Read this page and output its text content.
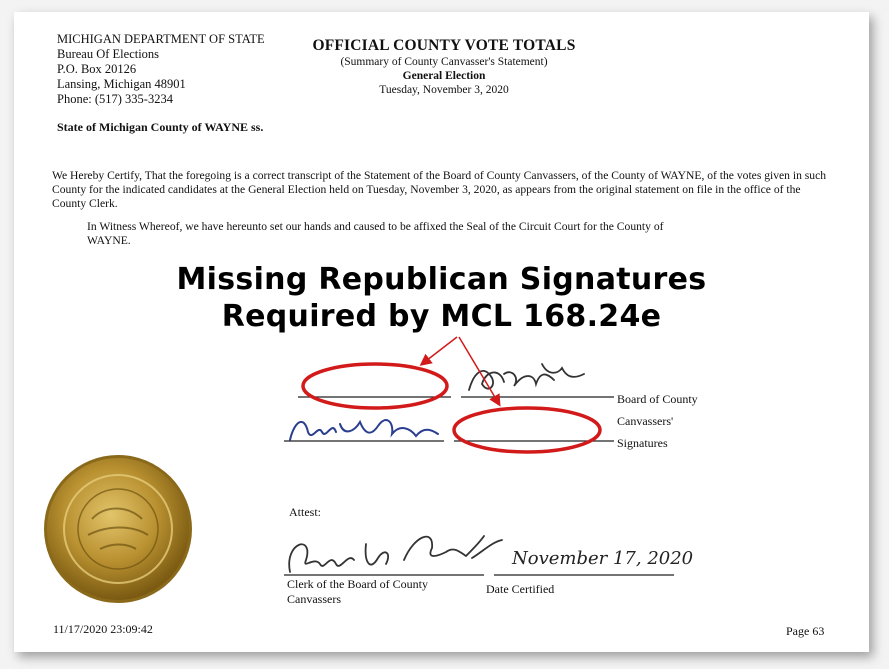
MICHIGAN DEPARTMENT OF STATE
Bureau Of Elections
P.O. Box 20126
Lansing, Michigan 48901
Phone: (517) 335-3234
OFFICIAL COUNTY VOTE TOTALS
(Summary of County Canvasser's Statement)
General Election
Tuesday, November 3, 2020
State of Michigan County of WAYNE ss.
We Hereby Certify, That the foregoing is a correct transcript of the Statement of the Board of County Canvassers, of the County of WAYNE, of the votes given in such County for the indicated candidates at the General Election held on Tuesday, November 3, 2020, as appears from the original statement on file in the office of the County Clerk.
In Witness Whereof, we have hereunto set our hands and caused to be affixed the Seal of the Circuit Court for the County of WAYNE.
Missing Republican Signatures
Required by MCL 168.24e
Board of County
Canvassers'
Signatures
Attest:
November 17, 2020
Clerk of the Board of County
Canvassers
Date Certified
11/17/2020 23:09:42	Page 63
